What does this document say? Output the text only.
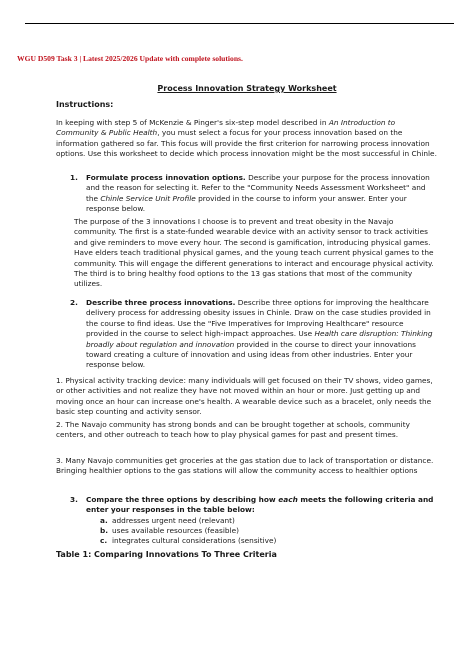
WGU D509 Task 3 | Latest 2025/2026 Update with complete solutions.
Process Innovation Strategy Worksheet
Instructions:

In keeping with step 5 of McKenzie & Pinger's six-step model described in An Introduction to Community & Public Health, you must select a focus for your process innovation based on the information gathered so far. This focus will provide the first criterion for narrowing process innovation options. Use this worksheet to decide which process innovation might be the most successful in Chinle.

1. Formulate process innovation options. Describe your purpose for the process innovation and the reason for selecting it. Refer to the "Community Needs Assessment Worksheet" and the Chinle Service Unit Profile provided in the course to inform your answer. Enter your response below.

The purpose of the 3 innovations I choose is to prevent and treat obesity in the Navajo community. The first is a state-funded wearable device with an activity sensor to track activities and give reminders to move every hour. The second is gamification, introducing physical games. Have elders teach traditional physical games, and the young teach current physical games to the community. This will engage the different generations to interact and encourage physical activity. The third is to bring healthy food options to the 13 gas stations that most of the community utilizes.

2. Describe three process innovations. Describe three options for improving the healthcare delivery process for addressing obesity issues in Chinle. Draw on the case studies provided in the course to find ideas. Use the "Five Imperatives for Improving Healthcare" resource provided in the course to select high-impact approaches. Use Health care disruption: Thinking broadly about regulation and innovation provided in the course to direct your innovations toward creating a culture of innovation and using ideas from other industries. Enter your response below.

1. Physical activity tracking device: many individuals will get focused on their TV shows, video games, or other activities and not realize they have not moved within an hour or more. Just getting up and moving once an hour can increase one's health. A wearable device such as a bracelet, only needs the basic step counting and activity sensor.

2. The Navajo community has strong bonds and can be brought together at schools, community centers, and other outreach to teach how to play physical games for past and present times.

3. Many Navajo communities get groceries at the gas station due to lack of transportation or distance. Bringing healthier options to the gas stations will allow the community access to healthier options

3. Compare the three options by describing how each meets the following criteria and enter your responses in the table below:

a. addresses urgent need (relevant)
b. uses available resources (feasible)
c. integrates cultural considerations (sensitive)
Table 1: Comparing Innovations To Three Criteria
